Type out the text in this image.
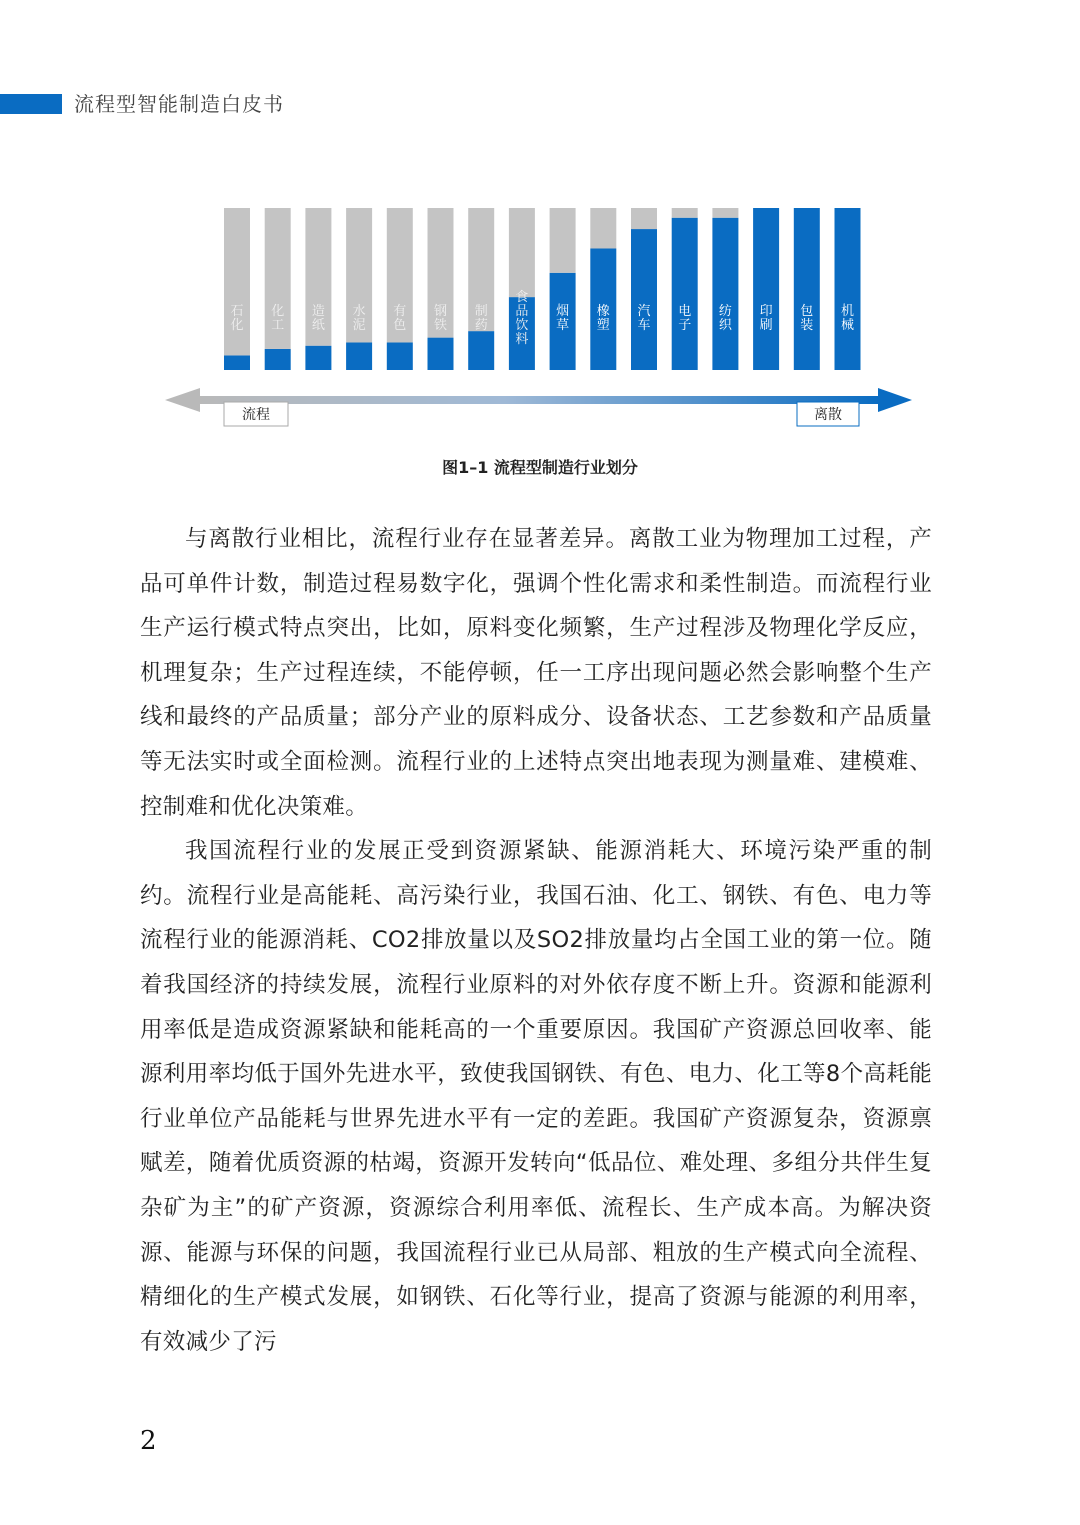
流程型智能制造白皮书
石化
化工
造纸
水泥
有色
钢铁
制药
食品饮料
烟草
橡塑
汽车
电子
纺织
印刷
包装
机械
流程	离散
图1–1 流程型制造行业划分

与离散行业相比，流程行业存在显著差异。离散工业为物理加工过程，产品可单件计数，制造过程易数字化，强调个性化需求和柔性制造。而流程行业生产运行模式特点突出，比如，原料变化频繁，生产过程涉及物理化学反应，机理复杂；生产过程连续，不能停顿，任一工序出现问题必然会影响整个生产线和最终的产品质量；部分产业的原料成分、设备状态、工艺参数和产品质量等无法实时或全面检测。流程行业的上述特点突出地表现为测量难、建模难、控制难和优化决策难。

我国流程行业的发展正受到资源紧缺、能源消耗大、环境污染严重的制约。流程行业是高能耗、高污染行业，我国石油、化工、钢铁、有色、电力等流程行业的能源消耗、CO2排放量以及SO2排放量均占全国工业的第一位。随着我国经济的持续发展，流程行业原料的对外依存度不断上升。资源和能源利用率低是造成资源紧缺和能耗高的一个重要原因。我国矿产资源总回收率、能源利用率均低于国外先进水平，致使我国钢铁、有色、电力、化工等8个高耗能行业单位产品能耗与世界先进水平有一定的差距。我国矿产资源复杂，资源禀赋差，随着优质资源的枯竭，资源开发转向“低品位、难处理、多组分共伴生复杂矿为主”的矿产资源，资源综合利用率低、流程长、生产成本高。为解决资源、能源与环保的问题，我国流程行业已从局部、粗放的生产模式向全流程、精细化的生产模式发展，如钢铁、石化等行业，提高了资源与能源的利用率，有效减少了污

2
